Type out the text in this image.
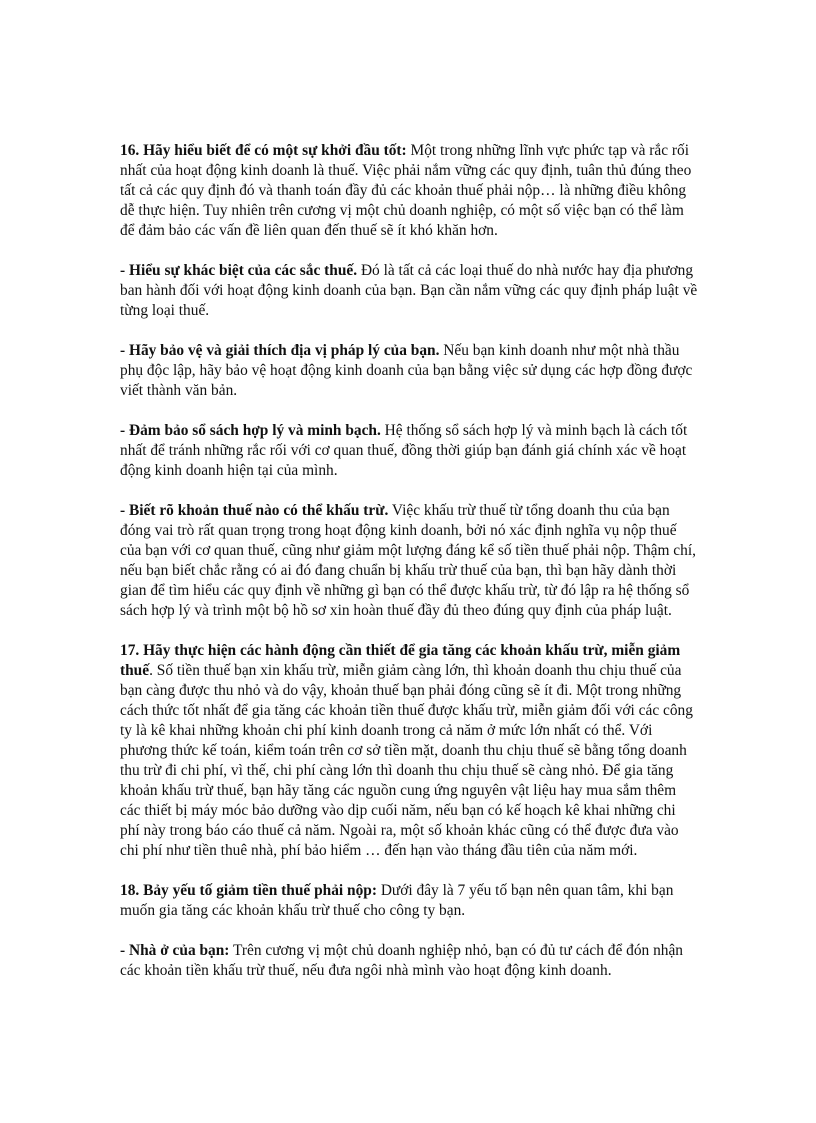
16. Hãy hiểu biết để có một sự khởi đầu tốt: Một trong những lĩnh vực phức tạp và rắc rối nhất của hoạt động kinh doanh là thuế. Việc phải nắm vững các quy định, tuân thủ đúng theo tất cả các quy định đó và thanh toán đầy đủ các khoản thuế phải nộp… là những điều không dễ thực hiện. Tuy nhiên trên cương vị một chủ doanh nghiệp, có một số việc bạn có thể làm để đảm bảo các vấn đề liên quan đến thuế sẽ ít khó khăn hơn.

- Hiểu sự khác biệt của các sắc thuế. Đó là tất cả các loại thuế do nhà nước hay địa phương ban hành đối với hoạt động kinh doanh của bạn. Bạn cần nắm vững các quy định pháp luật về từng loại thuế.

- Hãy bảo vệ và giải thích địa vị pháp lý của bạn. Nếu bạn kinh doanh như một nhà thầu phụ độc lập, hãy bảo vệ hoạt động kinh doanh của bạn bằng việc sử dụng các hợp đồng được viết thành văn bản.

- Đảm bảo sổ sách hợp lý và minh bạch. Hệ thống sổ sách hợp lý và minh bạch là cách tốt nhất để tránh những rắc rối với cơ quan thuế, đồng thời giúp bạn đánh giá chính xác về hoạt động kinh doanh hiện tại của mình.

- Biết rõ khoản thuế nào có thể khấu trừ. Việc khấu trừ thuế từ tổng doanh thu của bạn đóng vai trò rất quan trọng trong hoạt động kinh doanh, bởi nó xác định nghĩa vụ nộp thuế của bạn với cơ quan thuế, cũng như giảm một lượng đáng kể số tiền thuế phải nộp. Thậm chí, nếu bạn biết chắc rằng có ai đó đang chuẩn bị khấu trừ thuế của bạn, thì bạn hãy dành thời gian để tìm hiểu các quy định về những gì bạn có thể được khấu trừ, từ đó lập ra hệ thống sổ sách hợp lý và trình một bộ hồ sơ xin hoàn thuế đầy đủ theo đúng quy định của pháp luật.

17. Hãy thực hiện các hành động cần thiết để gia tăng các khoản khấu trừ, miễn giảm thuế. Số tiền thuế bạn xin khấu trừ, miễn giảm càng lớn, thì khoản doanh thu chịu thuế của bạn càng được thu nhỏ và do vậy, khoản thuế bạn phải đóng cũng sẽ ít đi. Một trong những cách thức tốt nhất để gia tăng các khoản tiền thuế được khấu trừ, miễn giảm đối với các công ty là kê khai những khoản chi phí kinh doanh trong cả năm ở mức lớn nhất có thể. Với phương thức kế toán, kiểm toán trên cơ sở tiền mặt, doanh thu chịu thuế sẽ bằng tổng doanh thu trừ đi chi phí, vì thế, chi phí càng lớn thì doanh thu chịu thuế sẽ càng nhỏ. Để gia tăng khoản khấu trừ thuế, bạn hãy tăng các nguồn cung ứng nguyên vật liệu hay mua sắm thêm các thiết bị máy móc bảo dưỡng vào dịp cuối năm, nếu bạn có kế hoạch kê khai những chi phí này trong báo cáo thuế cả năm. Ngoài ra, một số khoản khác cũng có thể được đưa vào chi phí như tiền thuê nhà, phí bảo hiểm … đến hạn vào tháng đầu tiên của năm mới.

18. Bảy yếu tố giảm tiền thuế phải nộp: Dưới đây là 7 yếu tố bạn nên quan tâm, khi bạn muốn gia tăng các khoản khấu trừ thuế cho công ty bạn.

- Nhà ở của bạn: Trên cương vị một chủ doanh nghiệp nhỏ, bạn có đủ tư cách để đón nhận các khoản tiền khấu trừ thuế, nếu đưa ngôi nhà mình vào hoạt động kinh doanh.
